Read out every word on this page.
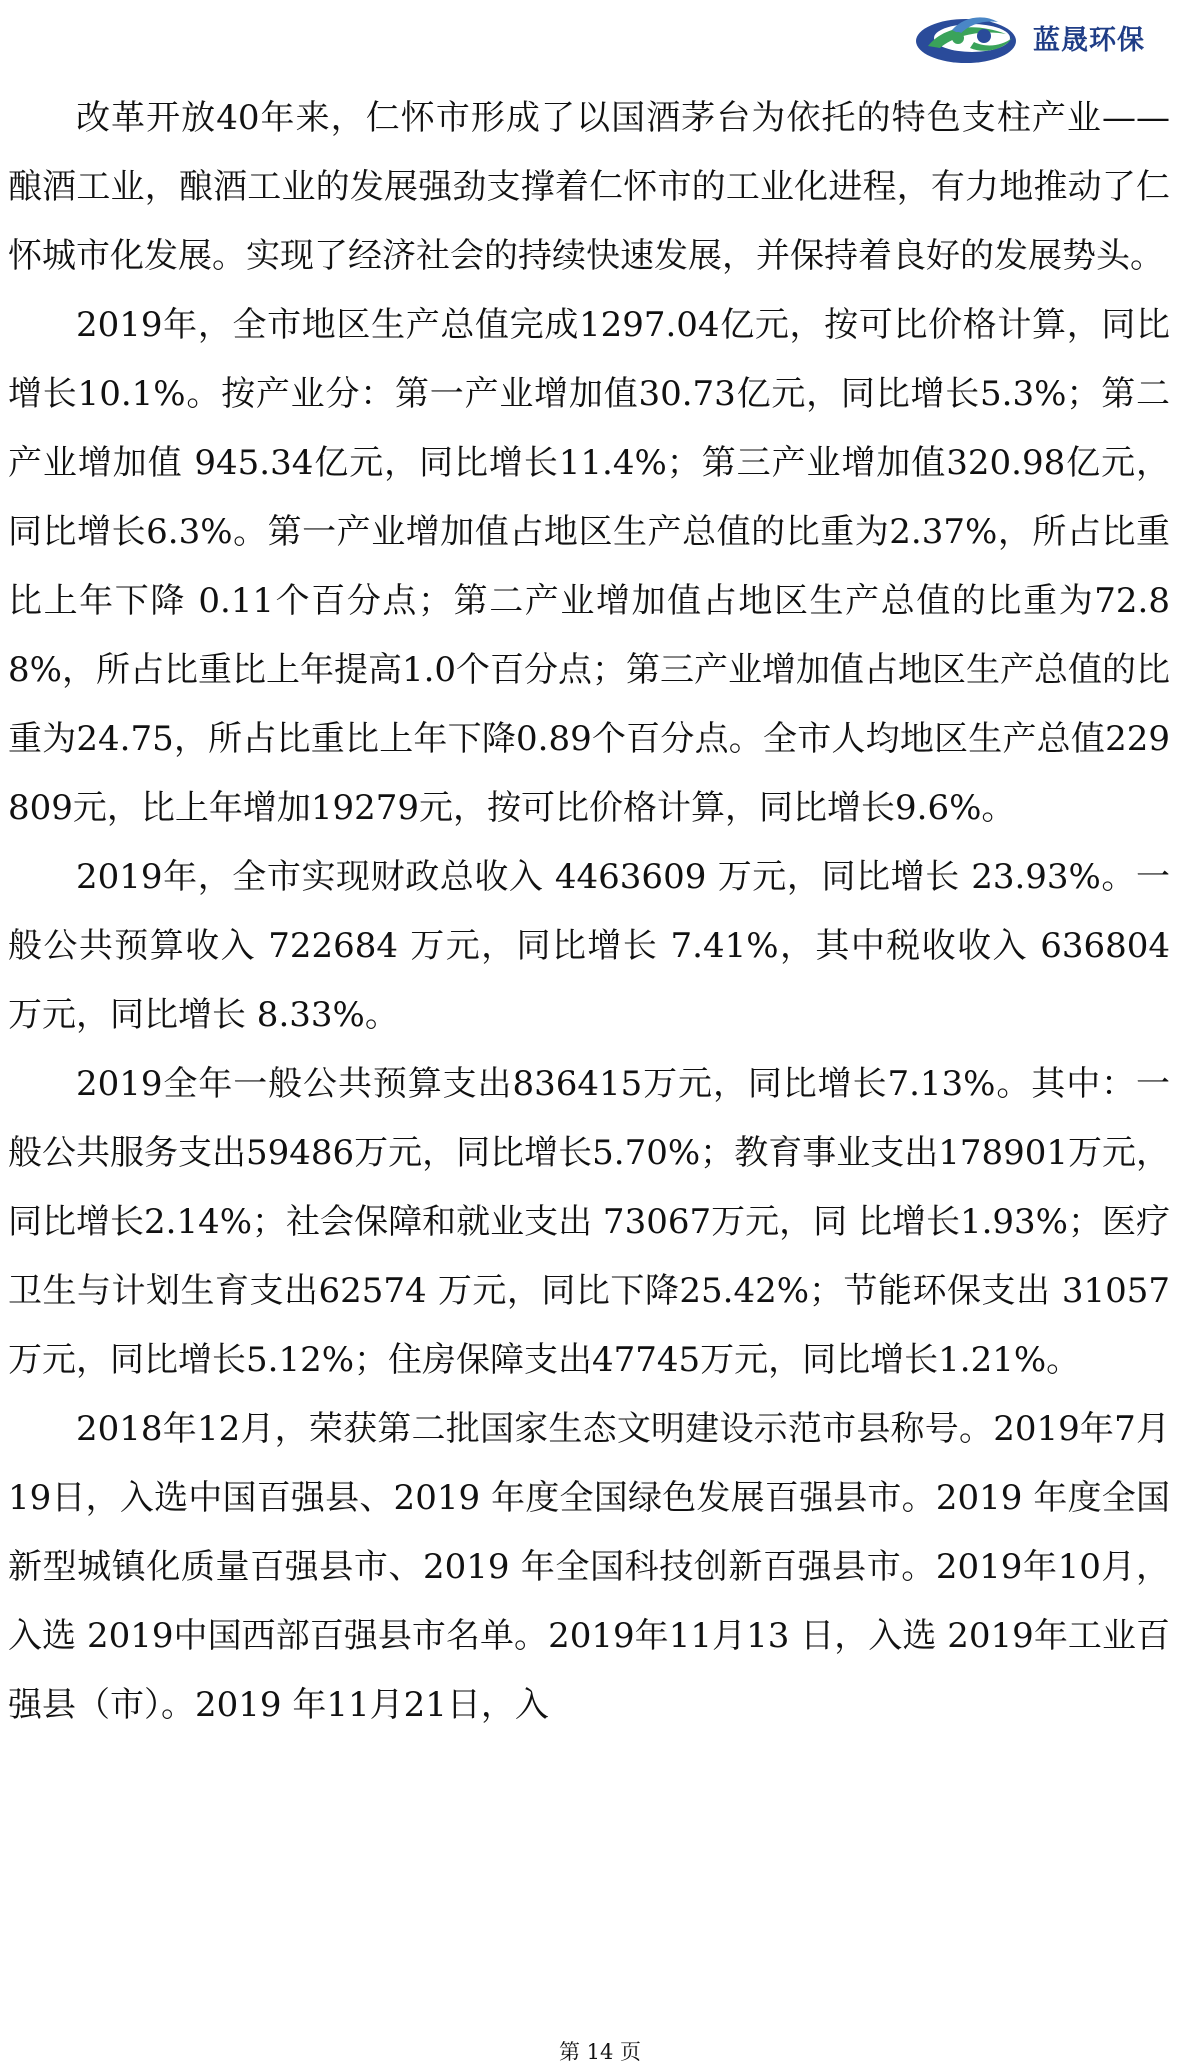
蓝晟环保

改革开放40年来，仁怀市形成了以国酒茅台为依托的特色支柱产业——酿酒工业，酿酒工业的发展强劲支撑着仁怀市的工业化进程，有力地推动了仁怀城市化发展。实现了经济社会的持续快速发展，并保持着良好的发展势头。

2019年，全市地区生产总值完成1297.04亿元，按可比价格计算，同比增长10.1%。按产业分：第一产业增加值30.73亿元，同比增长5.3%；第二产业增加值 945.34亿元，同比增长11.4%；第三产业增加值320.98亿元，同比增长6.3%。第一产业增加值占地区生产总值的比重为2.37%，所占比重比上年下降 0.11个百分点；第二产业增加值占地区生产总值的比重为72.88%，所占比重比上年提高1.0个百分点；第三产业增加值占地区生产总值的比重为24.75，所占比重比上年下降0.89个百分点。全市人均地区生产总值229809元，比上年增加19279元，按可比价格计算，同比增长9.6%。

2019年，全市实现财政总收入 4463609 万元，同比增长 23.93%。一般公共预算收入 722684 万元，同比增长 7.41%，其中税收收入 636804 万元，同比增长 8.33%。

2019全年一般公共预算支出836415万元，同比增长7.13%。其中：一般公共服务支出59486万元，同比增长5.70%；教育事业支出178901万元，同比增长2.14%；社会保障和就业支出 73067万元，同 比增长1.93%；医疗卫生与计划生育支出62574 万元，同比下降25.42%；节能环保支出 31057万元，同比增长5.12%；住房保障支出47745万元，同比增长1.21%。

2018年12月，荣获第二批国家生态文明建设示范市县称号。2019年7月19日，入选中国百强县、2019 年度全国绿色发展百强县市。2019 年度全国新型城镇化质量百强县市、2019 年全国科技创新百强县市。2019年10月，入选 2019中国西部百强县市名单。2019年11月13 日，入选 2019年工业百强县（市）。2019 年11月21日，入

第 14 页
